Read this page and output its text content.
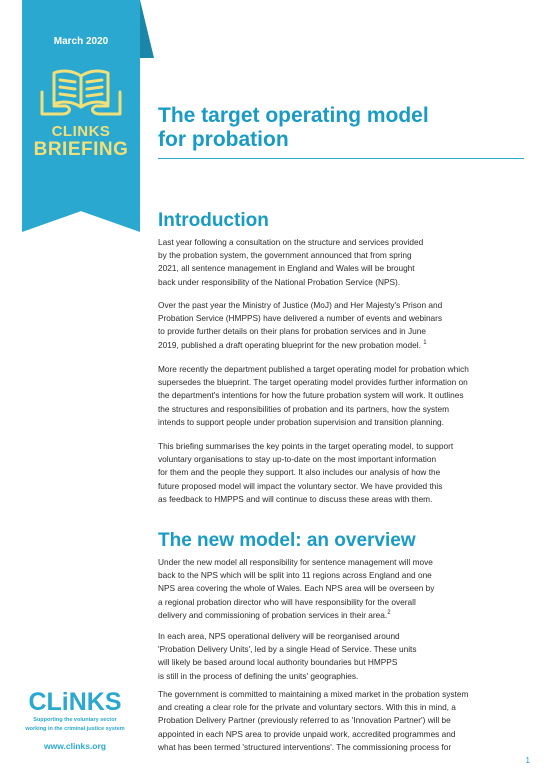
March 2020
CLINKS
BRIEFING
The target operating model
for probation
Introduction

Last year following a consultation on the structure and services provided
by the probation system, the government announced that from spring
2021, all sentence management in England and Wales will be brought
back under responsibility of the National Probation Service (NPS).

Over the past year the Ministry of Justice (MoJ) and Her Majesty's Prison and
Probation Service (HMPPS) have delivered a number of events and webinars
to provide further details on their plans for probation services and in June
2019, published a draft operating blueprint for the new probation model. $^1$

More recently the department published a target operating model for probation which
supersedes the blueprint. The target operating model provides further information on
the department's intentions for how the future probation system will work. It outlines
the structures and responsibilities of probation and its partners, how the system
intends to support people under probation supervision and transition planning.

This briefing summarises the key points in the target operating model, to support
voluntary organisations to stay up-to-date on the most important information
for them and the people they support. It also includes our analysis of how the
future proposed model will impact the voluntary sector. We have provided this
as feedback to HMPPS and will continue to discuss these areas with them.

The new model: an overview

Under the new model all responsibility for sentence management will move
back to the NPS which will be split into 11 regions across England and one
NPS area covering the whole of Wales. Each NPS area will be overseen by
a regional probation director who will have responsibility for the overall
delivery and commissioning of probation services in their area.$^2$

In each area, NPS operational delivery will be reorganised around
'Probation Delivery Units', led by a single Head of Service. These units
will likely be based around local authority boundaries but HMPPS
is still in the process of defining the units' geographies.

The government is committed to maintaining a mixed market in the probation system
and creating a clear role for the private and voluntary sectors. With this in mind, a
Probation Delivery Partner (previously referred to as 'Innovation Partner') will be
appointed in each NPS area to provide unpaid work, accredited programmes and
what has been termed 'structured interventions'. The commissioning process for

CLiNKS
Supporting the voluntary sector
working in the criminal justice system
www.clinks.org
1
